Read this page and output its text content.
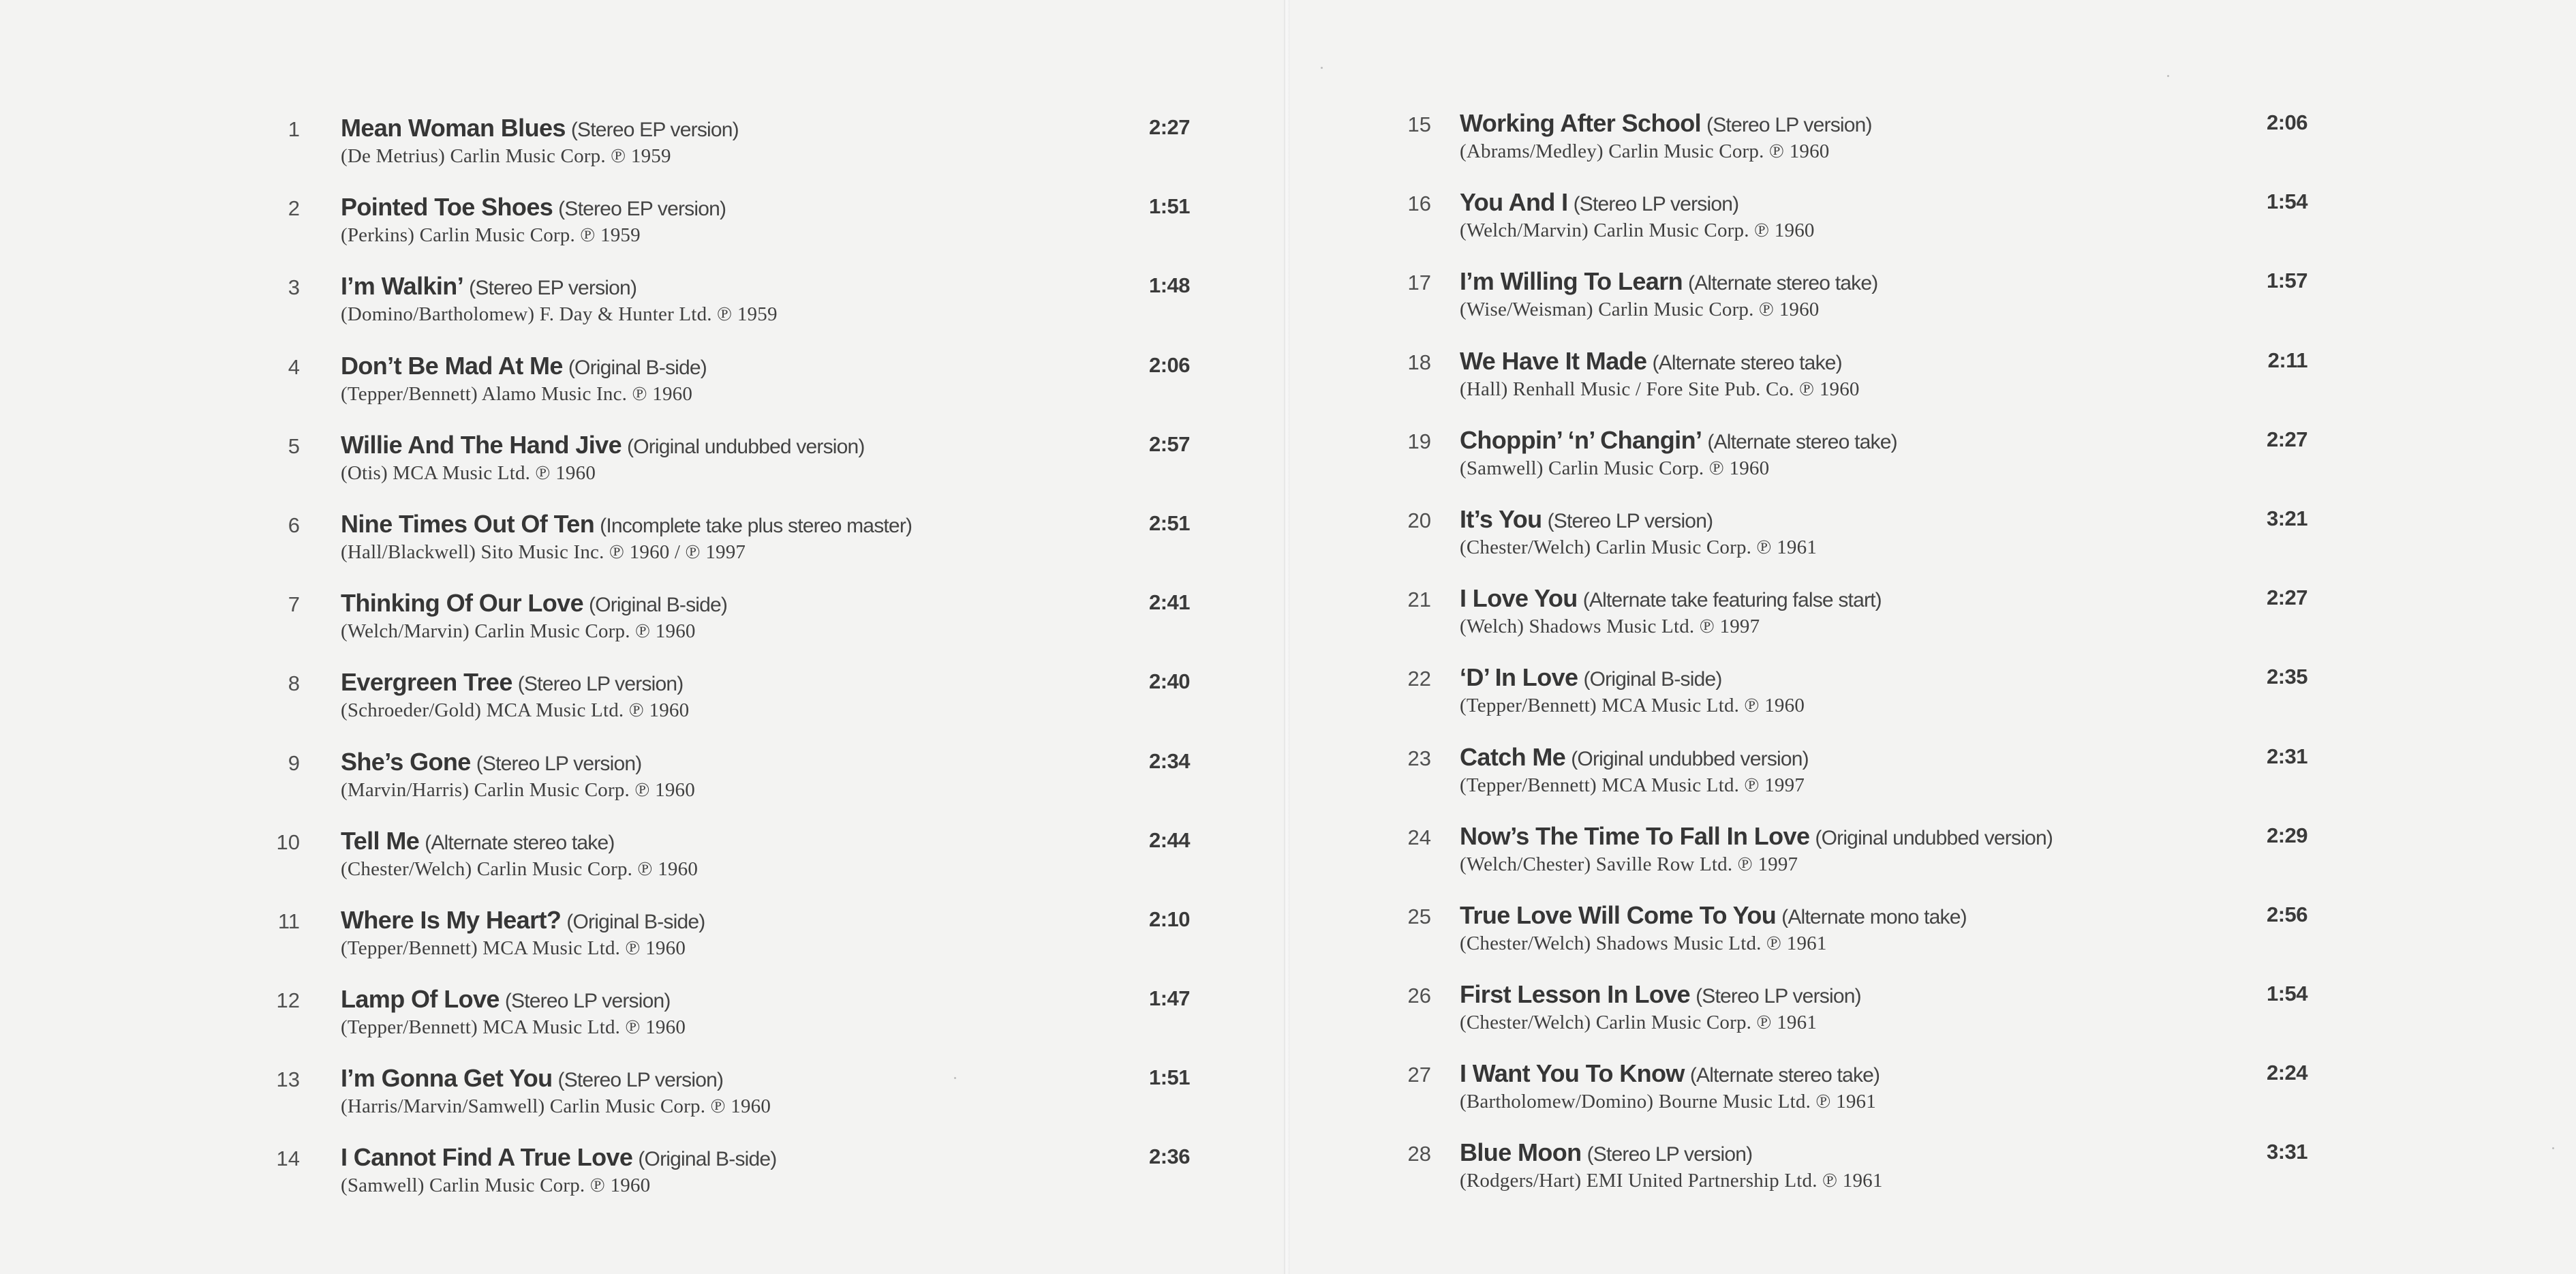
1 Mean Woman Blues (Stereo EP version)
(De Metrius) Carlin Music Corp. ℗ 1959
2:27
2 Pointed Toe Shoes (Stereo EP version)
(Perkins) Carlin Music Corp. ℗ 1959
1:51
3 I’m Walkin’ (Stereo EP version)
(Domino/Bartholomew) F. Day & Hunter Ltd. ℗ 1959
1:48
4 Don’t Be Mad At Me (Original B-side)
(Tepper/Bennett) Alamo Music Inc. ℗ 1960
2:06
5 Willie And The Hand Jive (Original undubbed version)
(Otis) MCA Music Ltd. ℗ 1960
2:57
6 Nine Times Out Of Ten (Incomplete take plus stereo master)
(Hall/Blackwell) Sito Music Inc. ℗ 1960 / ℗ 1997
2:51
7 Thinking Of Our Love (Original B-side)
(Welch/Marvin) Carlin Music Corp. ℗ 1960
2:41
8 Evergreen Tree (Stereo LP version)
(Schroeder/Gold) MCA Music Ltd. ℗ 1960
2:40
9 She’s Gone (Stereo LP version)
(Marvin/Harris) Carlin Music Corp. ℗ 1960
2:34
10 Tell Me (Alternate stereo take)
(Chester/Welch) Carlin Music Corp. ℗ 1960
2:44
11 Where Is My Heart? (Original B-side)
(Tepper/Bennett) MCA Music Ltd. ℗ 1960
2:10
12 Lamp Of Love (Stereo LP version)
(Tepper/Bennett) MCA Music Ltd. ℗ 1960
1:47
13 I’m Gonna Get You (Stereo LP version)
(Harris/Marvin/Samwell) Carlin Music Corp. ℗ 1960
1:51
14 I Cannot Find A True Love (Original B-side)
(Samwell) Carlin Music Corp. ℗ 1960
2:36
15 Working After School (Stereo LP version)
(Abrams/Medley) Carlin Music Corp. ℗ 1960
2:06
16 You And I (Stereo LP version)
(Welch/Marvin) Carlin Music Corp. ℗ 1960
1:54
17 I’m Willing To Learn (Alternate stereo take)
(Wise/Weisman) Carlin Music Corp. ℗ 1960
1:57
18 We Have It Made (Alternate stereo take)
(Hall) Renhall Music / Fore Site Pub. Co. ℗ 1960
2:11
19 Choppin’ ‘n’ Changin’ (Alternate stereo take)
(Samwell) Carlin Music Corp. ℗ 1960
2:27
20 It’s You (Stereo LP version)
(Chester/Welch) Carlin Music Corp. ℗ 1961
3:21
21 I Love You (Alternate take featuring false start)
(Welch) Shadows Music Ltd. ℗ 1997
2:27
22 ‘D’ In Love (Original B-side)
(Tepper/Bennett) MCA Music Ltd. ℗ 1960
2:35
23 Catch Me (Original undubbed version)
(Tepper/Bennett) MCA Music Ltd. ℗ 1997
2:31
24 Now’s The Time To Fall In Love (Original undubbed version)
(Welch/Chester) Saville Row Ltd. ℗ 1997
2:29
25 True Love Will Come To You (Alternate mono take)
(Chester/Welch) Shadows Music Ltd. ℗ 1961
2:56
26 First Lesson In Love (Stereo LP version)
(Chester/Welch) Carlin Music Corp. ℗ 1961
1:54
27 I Want You To Know (Alternate stereo take)
(Bartholomew/Domino) Bourne Music Ltd. ℗ 1961
2:24
28 Blue Moon (Stereo LP version)
(Rodgers/Hart) EMI United Partnership Ltd. ℗ 1961
3:31
